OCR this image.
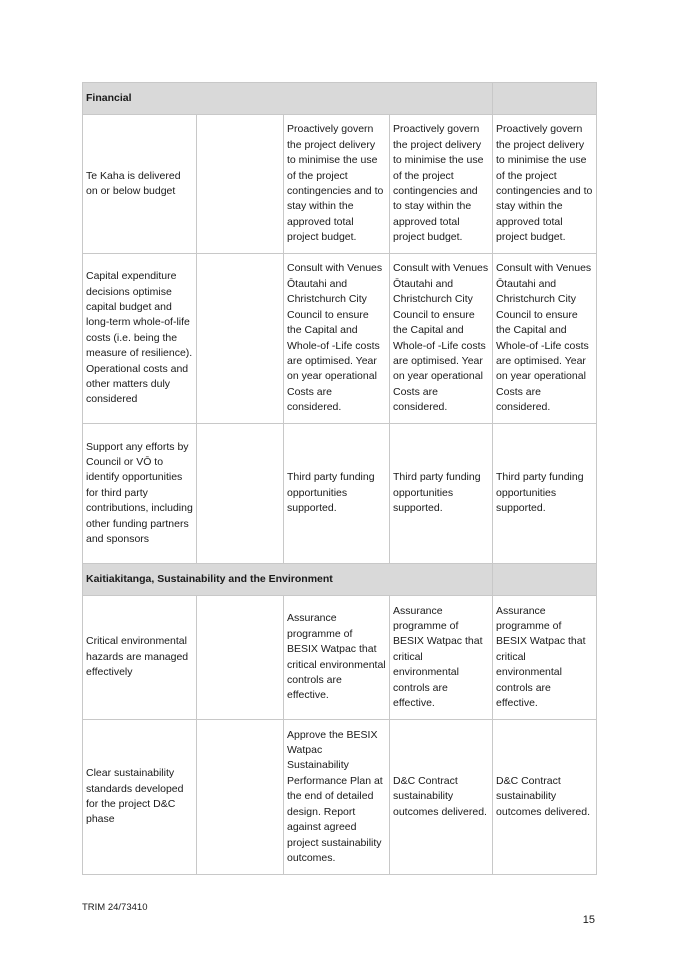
Financial				
Te Kaha is delivered on or below budget		Proactively govern the project delivery to minimise the use of the project contingencies and to stay within the approved total project budget.	Proactively govern the project delivery to minimise the use of the project contingencies and to stay within the approved total project budget.	Proactively govern the project delivery to minimise the use of the project contingencies and to stay within the approved total project budget.
Capital expenditure decisions optimise capital budget and long-term whole-of-life costs (i.e. being the measure of resilience). Operational costs and other matters duly considered		Consult with Venues Ōtautahi and Christchurch City Council to ensure the Capital and Whole-of -Life costs are optimised. Year on year operational Costs are considered.	Consult with Venues Ōtautahi and Christchurch City Council to ensure the Capital and Whole-of -Life costs are optimised. Year on year operational Costs are considered.	Consult with Venues Ōtautahi and Christchurch City Council to ensure the Capital and Whole-of -Life costs are optimised. Year on year operational Costs are considered.
Support any efforts by Council or VŌ to identify opportunities for third party contributions, including other funding partners and sponsors		Third party funding opportunities supported.	Third party funding opportunities supported.	Third party funding opportunities supported.
Kaitiakitanga, Sustainability and the Environment				
Critical environmental hazards are managed effectively		Assurance programme of BESIX Watpac that critical environmental controls are effective.	Assurance programme of BESIX Watpac that critical environmental controls are effective.	Assurance programme of BESIX Watpac that critical environmental controls are effective.
Clear sustainability standards developed for the project D&C phase		Approve the BESIX Watpac Sustainability Performance Plan at the end of detailed design. Report against agreed project sustainability outcomes.	D&C Contract sustainability outcomes delivered.	D&C Contract sustainability outcomes delivered.
TRIM 24/73410
15
